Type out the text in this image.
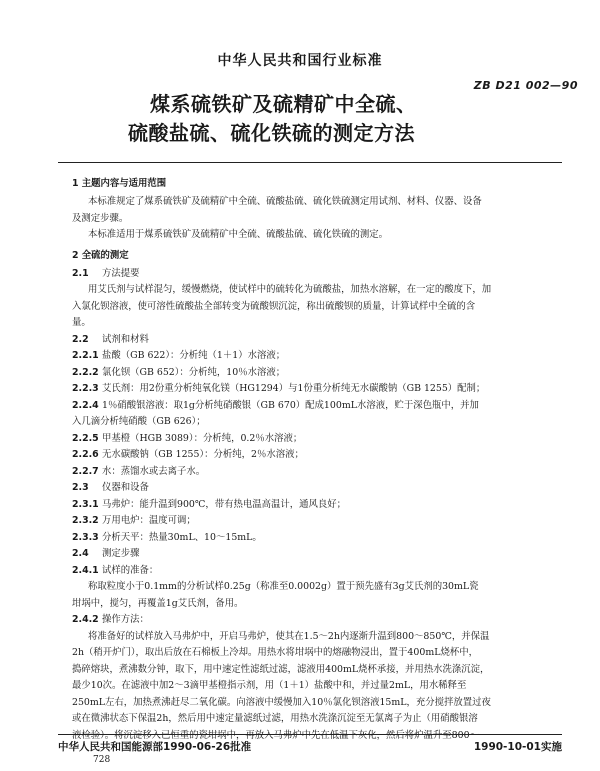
中华人民共和国行业标准
ZB D21 002—90
煤系硫铁矿及硫精矿中全硫、
硫酸盐硫、硫化铁硫的测定方法
1 主题内容与适用范围
本标准规定了煤系硫铁矿及硫精矿中全硫、硫酸盐硫、硫化铁硫测定用试剂、材料、仪器、设备
及测定步骤。
本标准适用于煤系硫铁矿及硫精矿中全硫、硫酸盐硫、硫化铁硫的测定。
2 全硫的测定
2.1 方法提要
用艾氏剂与试样混匀，缓慢燃烧，使试样中的硫转化为硫酸盐，加热水溶解，在一定的酸度下，加
入氯化钡溶液，使可溶性硫酸盐全部转变为硫酸钡沉淀，称出硫酸钡的质量，计算试样中全硫的含
量。
2.2 试剂和材料
2.2.1 盐酸（GB 622）：分析纯（1＋1）水溶液；
2.2.2 氯化钡（GB 652）：分析纯，10％水溶液；
2.2.3 艾氏剂：用2份重分析纯氧化镁（HG1294）与1份重分析纯无水碳酸钠（GB 1255）配制；
2.2.4 1％硝酸银溶液：取1g分析纯硝酸银（GB 670）配成100mL水溶液，贮于深色瓶中，并加
入几滴分析纯硝酸（GB 626）；
2.2.5 甲基橙（HGB 3089）：分析纯，0.2％水溶液；
2.2.6 无水碳酸钠（GB 1255）：分析纯，2％水溶液；
2.2.7 水：蒸馏水或去离子水。
2.3 仪器和设备
2.3.1 马弗炉：能升温到900℃，带有热电温高温计，通风良好；
2.3.2 万用电炉：温度可调；
2.3.3 分析天平：热量30mL、10～15mL。
2.4 测定步骤
2.4.1 试样的准备：
称取粒度小于0.1mm的分析试样0.25g（称准至0.0002g）置于预先盛有3g艾氏剂的30mL瓷
坩埚中，搅匀，再覆盖1g艾氏剂，备用。
2.4.2 操作方法：
将准备好的试样放入马弗炉中，开启马弗炉，使其在1.5～2h内逐渐升温到800～850℃，并保温
2h（稍开炉门），取出后放在石棉板上冷却。用热水将坩埚中的熔融物浸出，置于400mL烧杯中，
搗碎熔块，煮沸数分钟，取下，用中速定性滤纸过滤，滤液用400mL烧杯承接，并用热水洗涤沉淀，
最少10次。在滤液中加2～3滴甲基橙指示剂，用（1＋1）盐酸中和，并过量2mL，用水稀释至
250mL左右，加热煮沸赶尽二氧化碳。向溶液中缓慢加入10％氯化钡溶液15mL，充分搅拌放置过夜
或在微沸状态下保温2h，然后用中速定量滤纸过滤，用热水洗涤沉淀至无氯离子为止（用硝酸银溶
液检验）。将沉淀移入已恒重的瓷坩埚中，再放入马弗炉中先在低温下灰化，然后将炉温升至800～
中华人民共和国能源部1990-06-26批准	1990-10-01实施
728
